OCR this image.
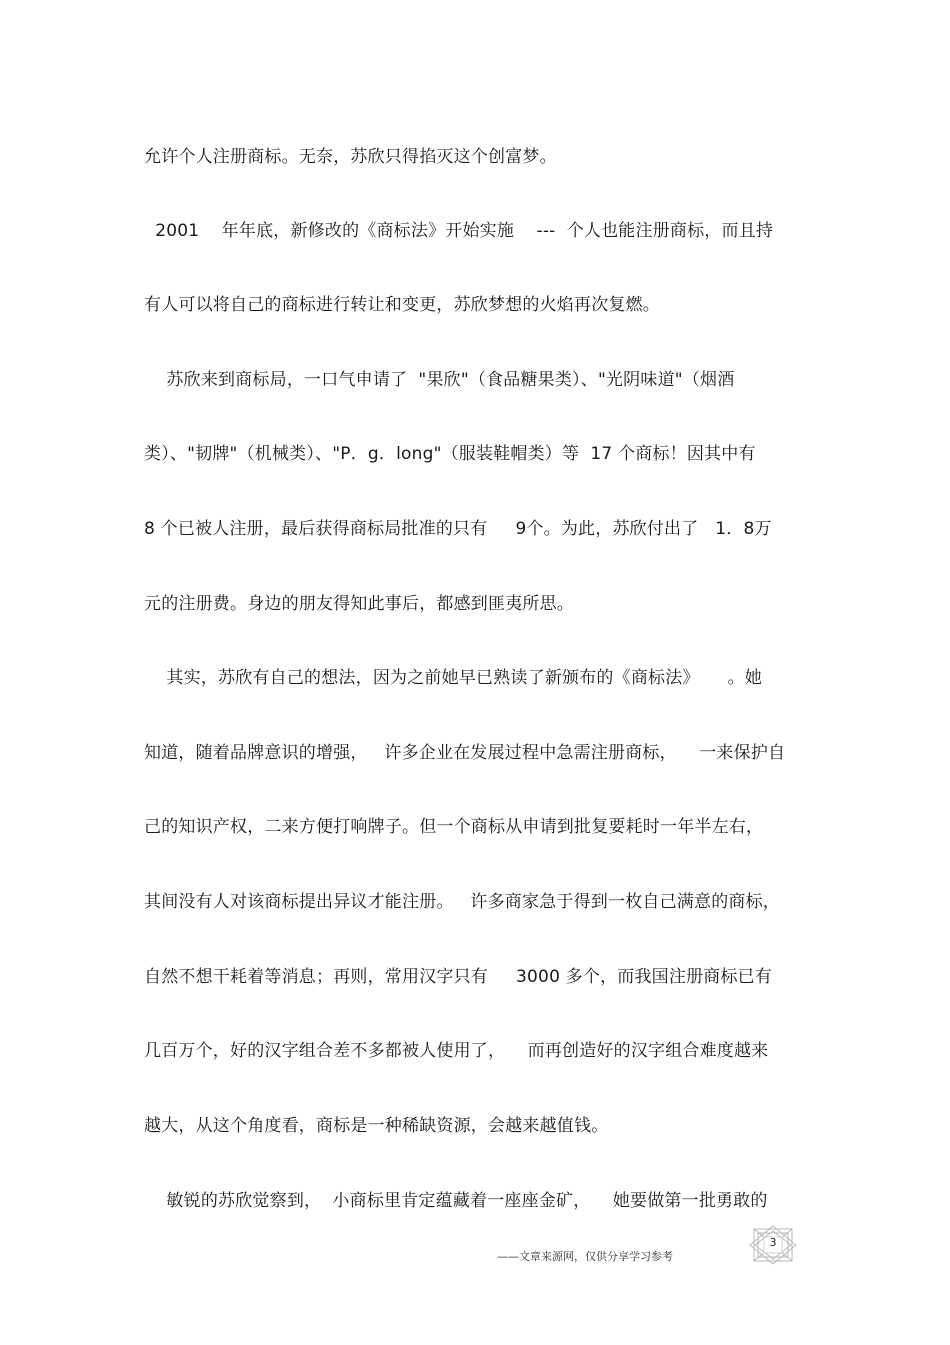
允许个人注册商标。无奈，苏欣只得掐灭这个创富梦。
2001    年年底，新修改的《商标法》开始实施    ---  个人也能注册商标，而且持
有人可以将自己的商标进行转让和变更，苏欣梦想的火焰再次复燃。
苏欣来到商标局，一口气申请了  "果欣"（食品糖果类）、"光阴味道"（烟酒
类）、"韧牌"（机械类）、"P．g．long"（服装鞋帽类）等  17 个商标！因其中有
8 个已被人注册，最后获得商标局批准的只有     9个。为此，苏欣付出了   1．8万
元的注册费。身边的朋友得知此事后，都感到匪夷所思。
其实，苏欣有自己的想法，因为之前她早已熟读了新颁布的《商标法》     。她
知道，随着品牌意识的增强，   许多企业在发展过程中急需注册商标，    一来保护自
己的知识产权，二来方便打响牌子。但一个商标从申请到批复要耗时一年半左右，
其间没有人对该商标提出异议才能注册。   许多商家急于得到一枚自己满意的商标，
自然不想干耗着等消息；再则，常用汉字只有     3000 多个，而我国注册商标已有
几百万个，好的汉字组合差不多都被人使用了，    而再创造好的汉字组合难度越来
越大，从这个角度看，商标是一种稀缺资源，会越来越值钱。
敏锐的苏欣觉察到，  小商标里肯定蕴藏着一座座金矿，    她要做第一批勇敢的
——文章来源网，仅供分享学习参考
3
